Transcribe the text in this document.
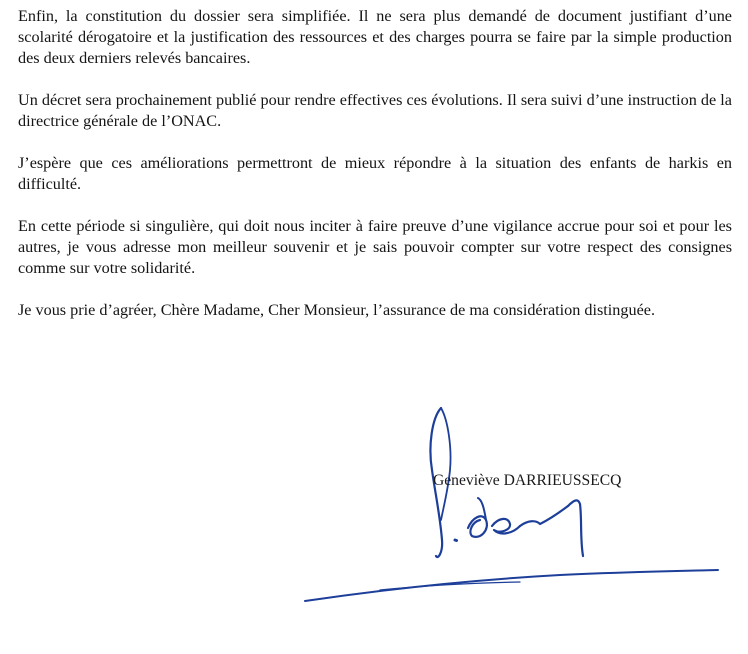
Enfin, la constitution du dossier sera simplifiée. Il ne sera plus demandé de document justifiant d’une scolarité dérogatoire et la justification des ressources et des charges pourra se faire par la simple production des deux derniers relevés bancaires.

Un décret sera prochainement publié pour rendre effectives ces évolutions. Il sera suivi d’une instruction de la directrice générale de l’ONAC.

J’espère que ces améliorations permettront de mieux répondre à la situation des enfants de harkis en difficulté.

En cette période si singulière, qui doit nous inciter à faire preuve d’une vigilance accrue pour soi et pour les autres, je vous adresse mon meilleur souvenir et je sais pouvoir compter sur votre respect des consignes comme sur votre solidarité.

Je vous prie d’agréer, Chère Madame, Cher Monsieur, l’assurance de ma considération distinguée.

Geneviève DARRIEUSSECQ
